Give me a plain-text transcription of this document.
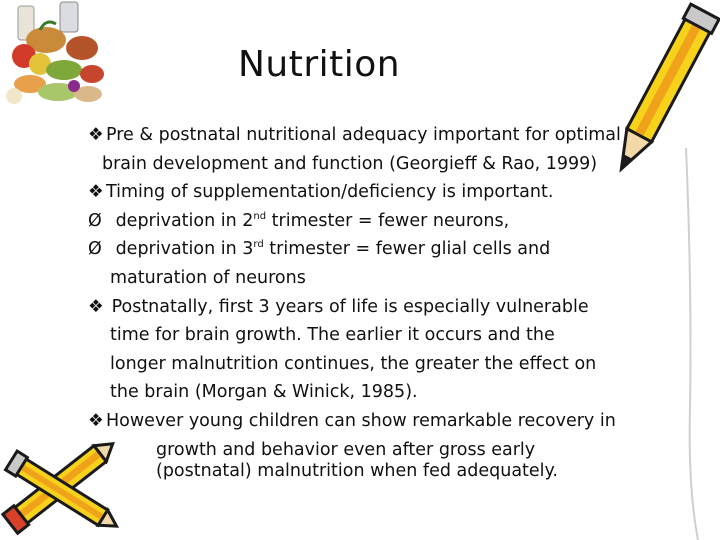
Nutrition
❖ Pre & postnatal nutritional adequacy important for optimal
brain development and function (Georgieff & Rao, 1999)
❖ Timing of supplementation/deficiency is important.
Ø deprivation in 2nd trimester = fewer neurons,
Ø deprivation in 3rd trimester = fewer glial cells and
maturation of neurons
❖ Postnatally, first 3 years of life is especially vulnerable
time for brain growth. The earlier it occurs and the
longer malnutrition continues, the greater the effect on
the brain (Morgan & Winick, 1985).
❖ However young children can show remarkable recovery in
growth and behavior even after gross early
(postnatal) malnutrition when fed adequately.
